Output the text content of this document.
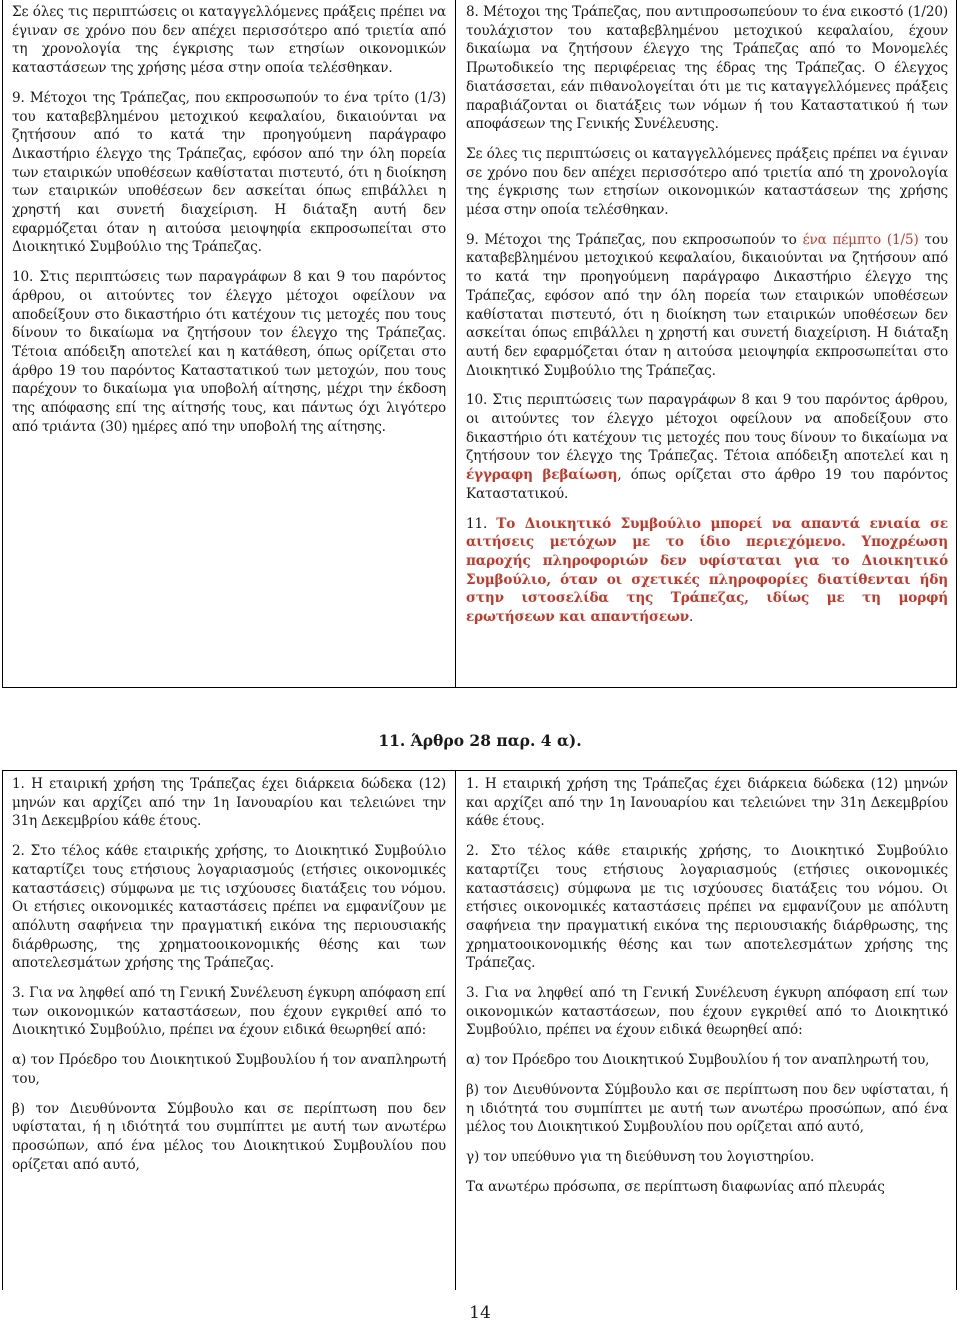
Σε όλες τις περιπτώσεις οι καταγγελλόμενες πράξεις πρέπει να έγιναν σε χρόνο που δεν απέχει περισσότερο από τριετία από τη χρονολογία της έγκρισης των ετησίων οικονομικών καταστάσεων της χρήσης μέσα στην οποία τελέσθηκαν.

9. Μέτοχοι της Τράπεζας, που εκπροσωπούν το ένα τρίτο (1/3) του καταβεβλημένου μετοχικού κεφαλαίου, δικαιούνται να ζητήσουν από το κατά την προηγούμενη παράγραφο Δικαστήριο έλεγχο της Τράπεζας, εφόσον από την όλη πορεία των εταιρικών υποθέσεων καθίσταται πιστευτό, ότι η διοίκηση των εταιρικών υποθέσεων δεν ασκείται όπως επιβάλλει η χρηστή και συνετή διαχείριση. Η διάταξη αυτή δεν εφαρμόζεται όταν η αιτούσα μειοψηφία εκπροσωπείται στο Διοικητικό Συμβούλιο της Τράπεζας.

10. Στις περιπτώσεις των παραγράφων 8 και 9 του παρόντος άρθρου, οι αιτούντες τον έλεγχο μέτοχοι οφείλουν να αποδείξουν στο δικαστήριο ότι κατέχουν τις μετοχές που τους δίνουν το δικαίωμα να ζητήσουν τον έλεγχο της Τράπεζας. Τέτοια απόδειξη αποτελεί και η κατάθεση, όπως ορίζεται στο άρθρο 19 του παρόντος Καταστατικού των μετοχών, που τους παρέχουν το δικαίωμα για υποβολή αίτησης, μέχρι την έκδοση της απόφασης επί της αίτησής τους, και πάντως όχι λιγότερο από τριάντα (30) ημέρες από την υποβολή της αίτησης.

8. Μέτοχοι της Τράπεζας, που αντιπροσωπεύουν το ένα εικοστό (1/20) τουλάχιστον του καταβεβλημένου μετοχικού κεφαλαίου, έχουν δικαίωμα να ζητήσουν έλεγχο της Τράπεζας από το Μονομελές Πρωτοδικείο της περιφέρειας της έδρας της Τράπεζας. Ο έλεγχος διατάσσεται, εάν πιθανολογείται ότι με τις καταγγελλόμενες πράξεις παραβιάζονται οι διατάξεις των νόμων ή του Καταστατικού ή των αποφάσεων της Γενικής Συνέλευσης.

Σε όλες τις περιπτώσεις οι καταγγελλόμενες πράξεις πρέπει να έγιναν σε χρόνο που δεν απέχει περισσότερο από τριετία από τη χρονολογία της έγκρισης των ετησίων οικονομικών καταστάσεων της χρήσης μέσα στην οποία τελέσθηκαν.

9. Μέτοχοι της Τράπεζας, που εκπροσωπούν το ένα πέμπτο (1/5) του καταβεβλημένου μετοχικού κεφαλαίου, δικαιούνται να ζητήσουν από το κατά την προηγούμενη παράγραφο Δικαστήριο έλεγχο της Τράπεζας, εφόσον από την όλη πορεία των εταιρικών υποθέσεων καθίσταται πιστευτό, ότι η διοίκηση των εταιρικών υποθέσεων δεν ασκείται όπως επιβάλλει η χρηστή και συνετή διαχείριση. Η διάταξη αυτή δεν εφαρμόζεται όταν η αιτούσα μειοψηφία εκπροσωπείται στο Διοικητικό Συμβούλιο της Τράπεζας.

10. Στις περιπτώσεις των παραγράφων 8 και 9 του παρόντος άρθρου, οι αιτούντες τον έλεγχο μέτοχοι οφείλουν να αποδείξουν στο δικαστήριο ότι κατέχουν τις μετοχές που τους δίνουν το δικαίωμα να ζητήσουν τον έλεγχο της Τράπεζας. Τέτοια απόδειξη αποτελεί και η έγγραφη βεβαίωση, όπως ορίζεται στο άρθρο 19 του παρόντος Καταστατικού.

11. Το Διοικητικό Συμβούλιο μπορεί να απαντά ενιαία σε αιτήσεις μετόχων με το ίδιο περιεχόμενο. Υποχρέωση παροχής πληροφοριών δεν υφίσταται για το Διοικητικό Συμβούλιο, όταν οι σχετικές πληροφορίες διατίθενται ήδη στην ιστοσελίδα της Τράπεζας, ιδίως με τη μορφή ερωτήσεων και απαντήσεων.

11. Άρθρο 28 παρ. 4 α).

1. Η εταιρική χρήση της Τράπεζας έχει διάρκεια δώδεκα (12) μηνών και αρχίζει από την 1η Ιανουαρίου και τελειώνει την 31η Δεκεμβρίου κάθε έτους.

2. Στο τέλος κάθε εταιρικής χρήσης, το Διοικητικό Συμβούλιο καταρτίζει τους ετήσιους λογαριασμούς (ετήσιες οικονομικές καταστάσεις) σύμφωνα με τις ισχύουσες διατάξεις του νόμου. Οι ετήσιες οικονομικές καταστάσεις πρέπει να εμφανίζουν με απόλυτη σαφήνεια την πραγματική εικόνα της περιουσιακής διάρθρωσης, της χρηματοοικονομικής θέσης και των αποτελεσμάτων χρήσης της Τράπεζας.

3. Για να ληφθεί από τη Γενική Συνέλευση έγκυρη απόφαση επί των οικονομικών καταστάσεων, που έχουν εγκριθεί από το Διοικητικό Συμβούλιο, πρέπει να έχουν ειδικά θεωρηθεί από:

α) τον Πρόεδρο του Διοικητικού Συμβουλίου ή τον αναπληρωτή του,

β) τον Διευθύνοντα Σύμβουλο και σε περίπτωση που δεν υφίσταται, ή η ιδιότητά του συμπίπτει με αυτή των ανωτέρω προσώπων, από ένα μέλος του Διοικητικού Συμβουλίου που ορίζεται από αυτό,

1. Η εταιρική χρήση της Τράπεζας έχει διάρκεια δώδεκα (12) μηνών και αρχίζει από την 1η Ιανουαρίου και τελειώνει την 31η Δεκεμβρίου κάθε έτους.

2. Στο τέλος κάθε εταιρικής χρήσης, το Διοικητικό Συμβούλιο καταρτίζει τους ετήσιους λογαριασμούς (ετήσιες οικονομικές καταστάσεις) σύμφωνα με τις ισχύουσες διατάξεις του νόμου. Οι ετήσιες οικονομικές καταστάσεις πρέπει να εμφανίζουν με απόλυτη σαφήνεια την πραγματική εικόνα της περιουσιακής διάρθρωσης, της χρηματοοικονομικής θέσης και των αποτελεσμάτων χρήσης της Τράπεζας.

3. Για να ληφθεί από τη Γενική Συνέλευση έγκυρη απόφαση επί των οικονομικών καταστάσεων, που έχουν εγκριθεί από το Διοικητικό Συμβούλιο, πρέπει να έχουν ειδικά θεωρηθεί από:

α) τον Πρόεδρο του Διοικητικού Συμβουλίου ή τον αναπληρωτή του,

β) τον Διευθύνοντα Σύμβουλο και σε περίπτωση που δεν υφίσταται, ή η ιδιότητά του συμπίπτει με αυτή των ανωτέρω προσώπων, από ένα μέλος του Διοικητικού Συμβουλίου που ορίζεται από αυτό,

γ) τον υπεύθυνο για τη διεύθυνση του λογιστηρίου.

Τα ανωτέρω πρόσωπα, σε περίπτωση διαφωνίας από πλευράς

14
